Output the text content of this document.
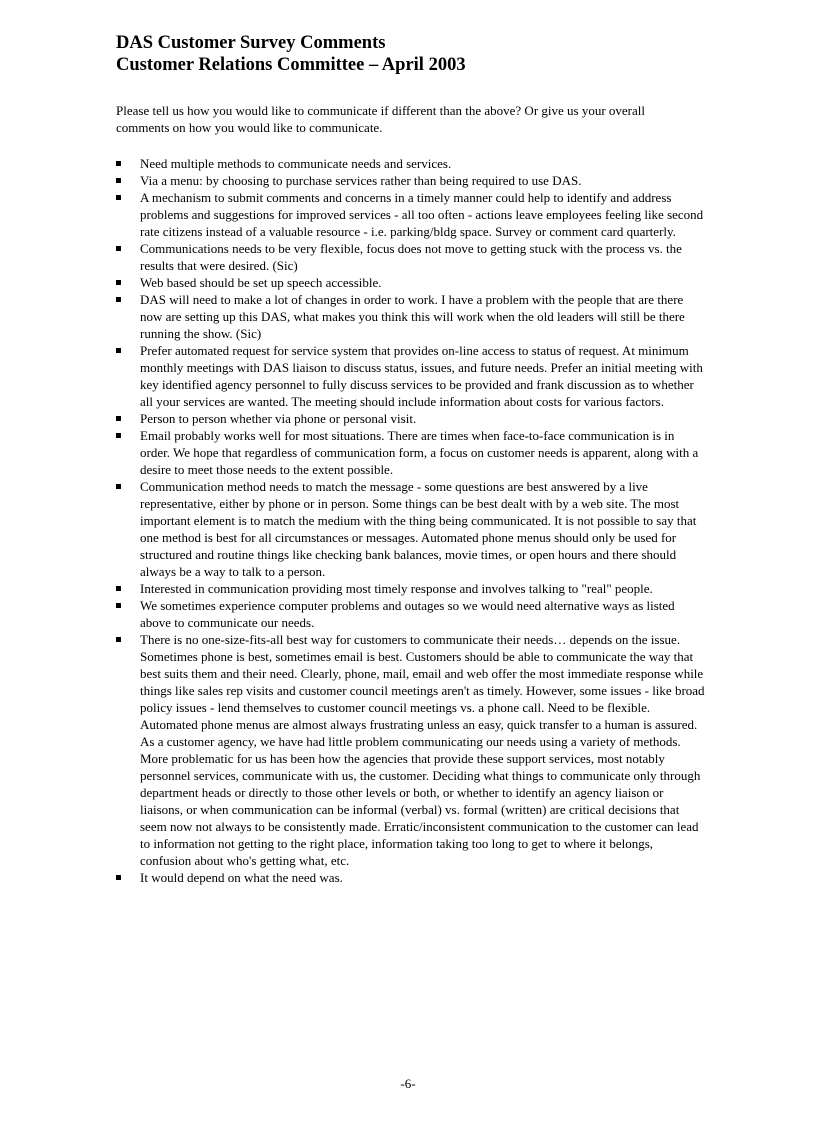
DAS Customer Survey Comments
Customer Relations Committee – April 2003

Please tell us how you would like to communicate if different than the above? Or give us your overall comments on how you would like to communicate.

Need multiple methods to communicate needs and services.
Via a menu: by choosing to purchase services rather than being required to use DAS.
A mechanism to submit comments and concerns in a timely manner could help to identify and address problems and suggestions for improved services - all too often - actions leave employees feeling like second rate citizens instead of a valuable resource - i.e. parking/bldg space. Survey or comment card quarterly.
Communications needs to be very flexible, focus does not move to getting stuck with the process vs. the results that were desired. (Sic)
Web based should be set up speech accessible.
DAS will need to make a lot of changes in order to work. I have a problem with the people that are there now are setting up this DAS, what makes you think this will work when the old leaders will still be there running the show. (Sic)
Prefer automated request for service system that provides on-line access to status of request. At minimum monthly meetings with DAS liaison to discuss status, issues, and future needs. Prefer an initial meeting with key identified agency personnel to fully discuss services to be provided and frank discussion as to whether all your services are wanted. The meeting should include information about costs for various factors.
Person to person whether via phone or personal visit.
Email probably works well for most situations. There are times when face-to-face communication is in order. We hope that regardless of communication form, a focus on customer needs is apparent, along with a desire to meet those needs to the extent possible.
Communication method needs to match the message - some questions are best answered by a live representative, either by phone or in person. Some things can be best dealt with by a web site. The most important element is to match the medium with the thing being communicated. It is not possible to say that one method is best for all circumstances or messages. Automated phone menus should only be used for structured and routine things like checking bank balances, movie times, or open hours and there should always be a way to talk to a person.
Interested in communication providing most timely response and involves talking to "real" people.
We sometimes experience computer problems and outages so we would need alternative ways as listed above to communicate our needs.
There is no one-size-fits-all best way for customers to communicate their needs… depends on the issue. Sometimes phone is best, sometimes email is best. Customers should be able to communicate the way that best suits them and their need. Clearly, phone, mail, email and web offer the most immediate response while things like sales rep visits and customer council meetings aren't as timely. However, some issues - like broad policy issues - lend themselves to customer council meetings vs. a phone call. Need to be flexible. Automated phone menus are almost always frustrating unless an easy, quick transfer to a human is assured. As a customer agency, we have had little problem communicating our needs using a variety of methods. More problematic for us has been how the agencies that provide these support services, most notably personnel services, communicate with us, the customer. Deciding what things to communicate only through department heads or directly to those other levels or both, or whether to identify an agency liaison or liaisons, or when communication can be informal (verbal) vs. formal (written) are critical decisions that seem now not always to be consistently made. Erratic/inconsistent communication to the customer can lead to information not getting to the right place, information taking too long to get to where it belongs, confusion about who's getting what, etc.
It would depend on what the need was.
-6-
